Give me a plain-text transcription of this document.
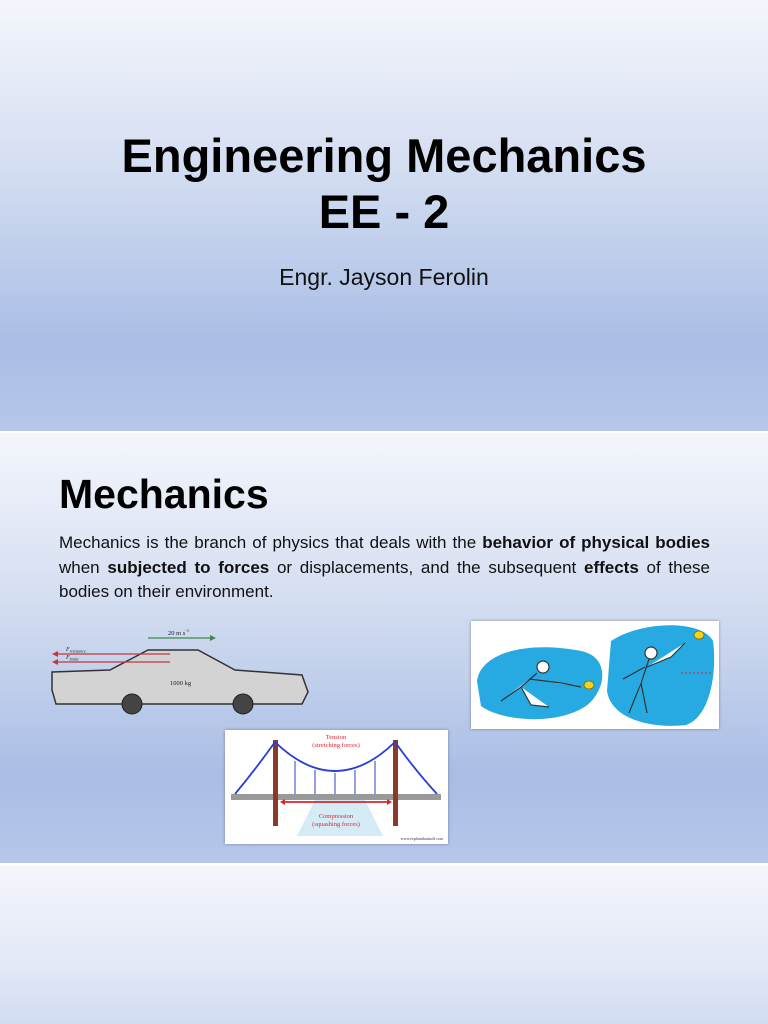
Engineering Mechanics
EE - 2

Engr. Jayson Ferolin

Mechanics

Mechanics is the branch of physics that deals with the behavior of physical bodies when subjected to forces or displacements, and the subsequent effects of these bodies on their environment.

20 m $s^{-1}$
$F_{resistance}$
$F_{brake}$
1000 kg
Tension
(stretching forces)
Compression
(squashing forces)
www.explainthatstuff.com
